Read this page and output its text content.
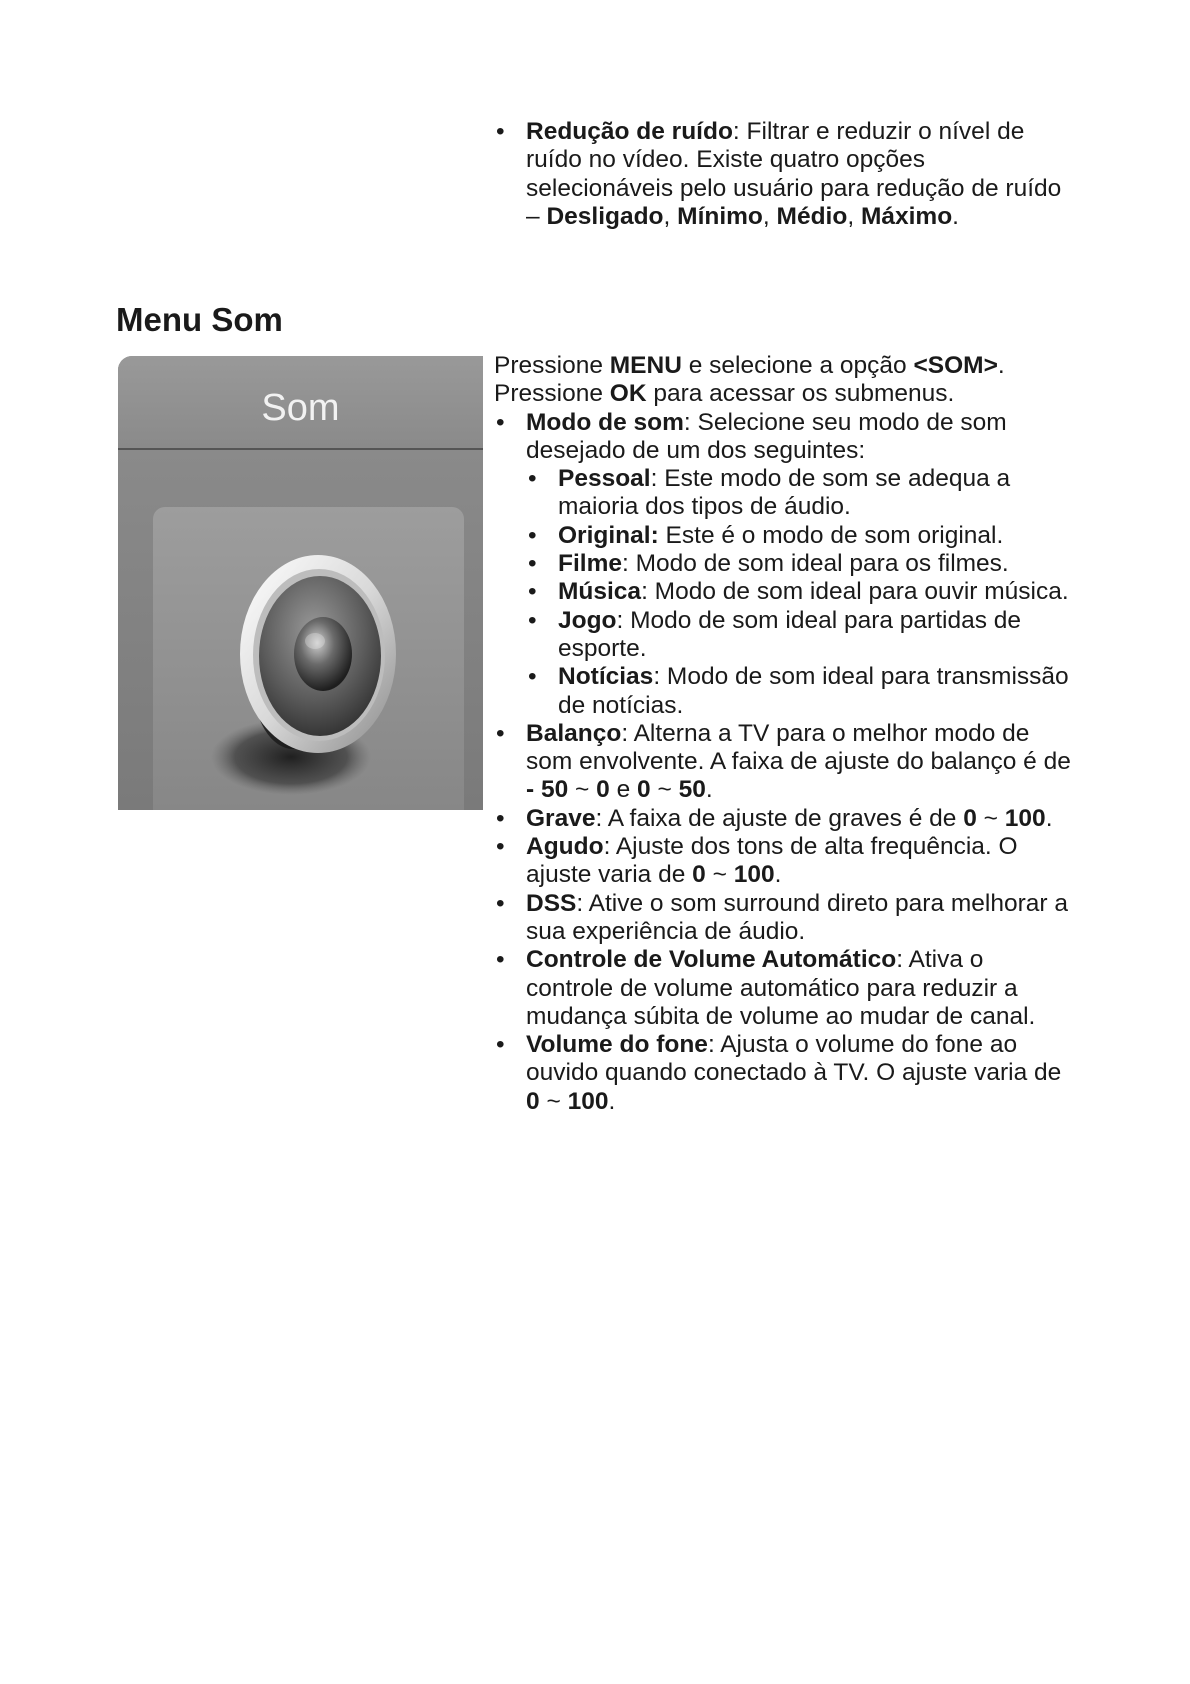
• Redução de ruído: Filtrar e reduzir o nível de ruído no vídeo. Existe quatro opções selecionáveis pelo usuário para redução de ruído – Desligado, Mínimo, Médio, Máximo.
Menu Som
Som

Pressione MENU e selecione a opção <SOM>.

Pressione OK para acessar os submenus.

• Modo de som: Selecione seu modo de som desejado de um dos seguintes:
• Pessoal: Este modo de som se adequa a maioria dos tipos de áudio.
• Original: Este é o modo de som original.
• Filme: Modo de som ideal para os filmes.
• Música: Modo de som ideal para ouvir música.
• Jogo: Modo de som ideal para partidas de esporte.
• Notícias: Modo de som ideal para transmissão de notícias.
• Balanço: Alterna a TV para o melhor modo de som envolvente. A faixa de ajuste do balanço é de - 50 ~ 0 e 0 ~ 50.
• Grave: A faixa de ajuste de graves é de 0 ~ 100.
• Agudo: Ajuste dos tons de alta frequência. O ajuste varia de 0 ~ 100.
• DSS: Ative o som surround direto para melhorar a sua experiência de áudio.
• Controle de Volume Automático: Ativa o controle de volume automático para reduzir a mudança súbita de volume ao mudar de canal.
• Volume do fone: Ajusta o volume do fone ao ouvido quando conectado à TV. O ajuste varia de 0 ~ 100.
